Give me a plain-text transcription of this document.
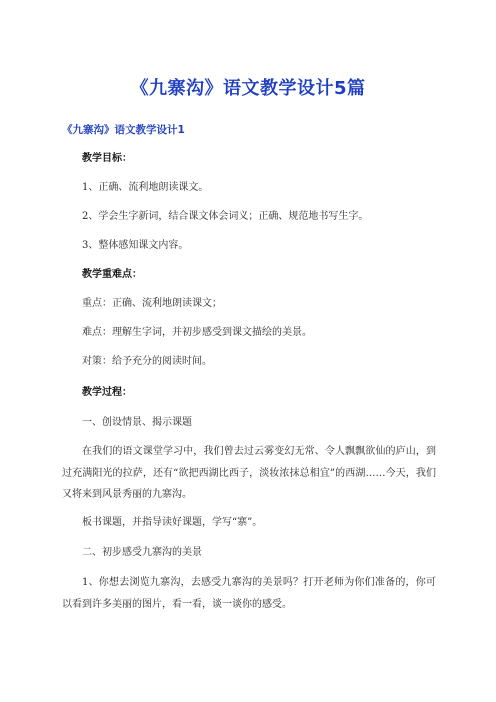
《九寨沟》语文教学设计5篇
《九寨沟》语文教学设计1
教学目标：
1、正确、流利地朗读课文。
2、学会生字新词，结合课文体会词义；正确、规范地书写生字。
3、整体感知课文内容。
教学重难点：
重点：正确、流利地朗读课文；
难点：理解生字词，并初步感受到课文描绘的美景。
对策：给予充分的阅读时间。
教学过程：
一、创设情景、揭示课题
在我们的语文课堂学习中，我们曾去过云雾变幻无常、令人飘飘欲仙的庐山，到过充满阳光的拉萨，还有“欲把西湖比西子，淡妆浓抹总相宜”的西湖……今天，我们又将来到风景秀丽的九寨沟。
板书课题，并指导读好课题，学写“寨”。
二、初步感受九寨沟的美景
1、你想去浏览九寨沟，去感受九寨沟的美景吗？打开老师为你们准备的，你可以看到许多美丽的图片，看一看，谈一谈你的感受。
